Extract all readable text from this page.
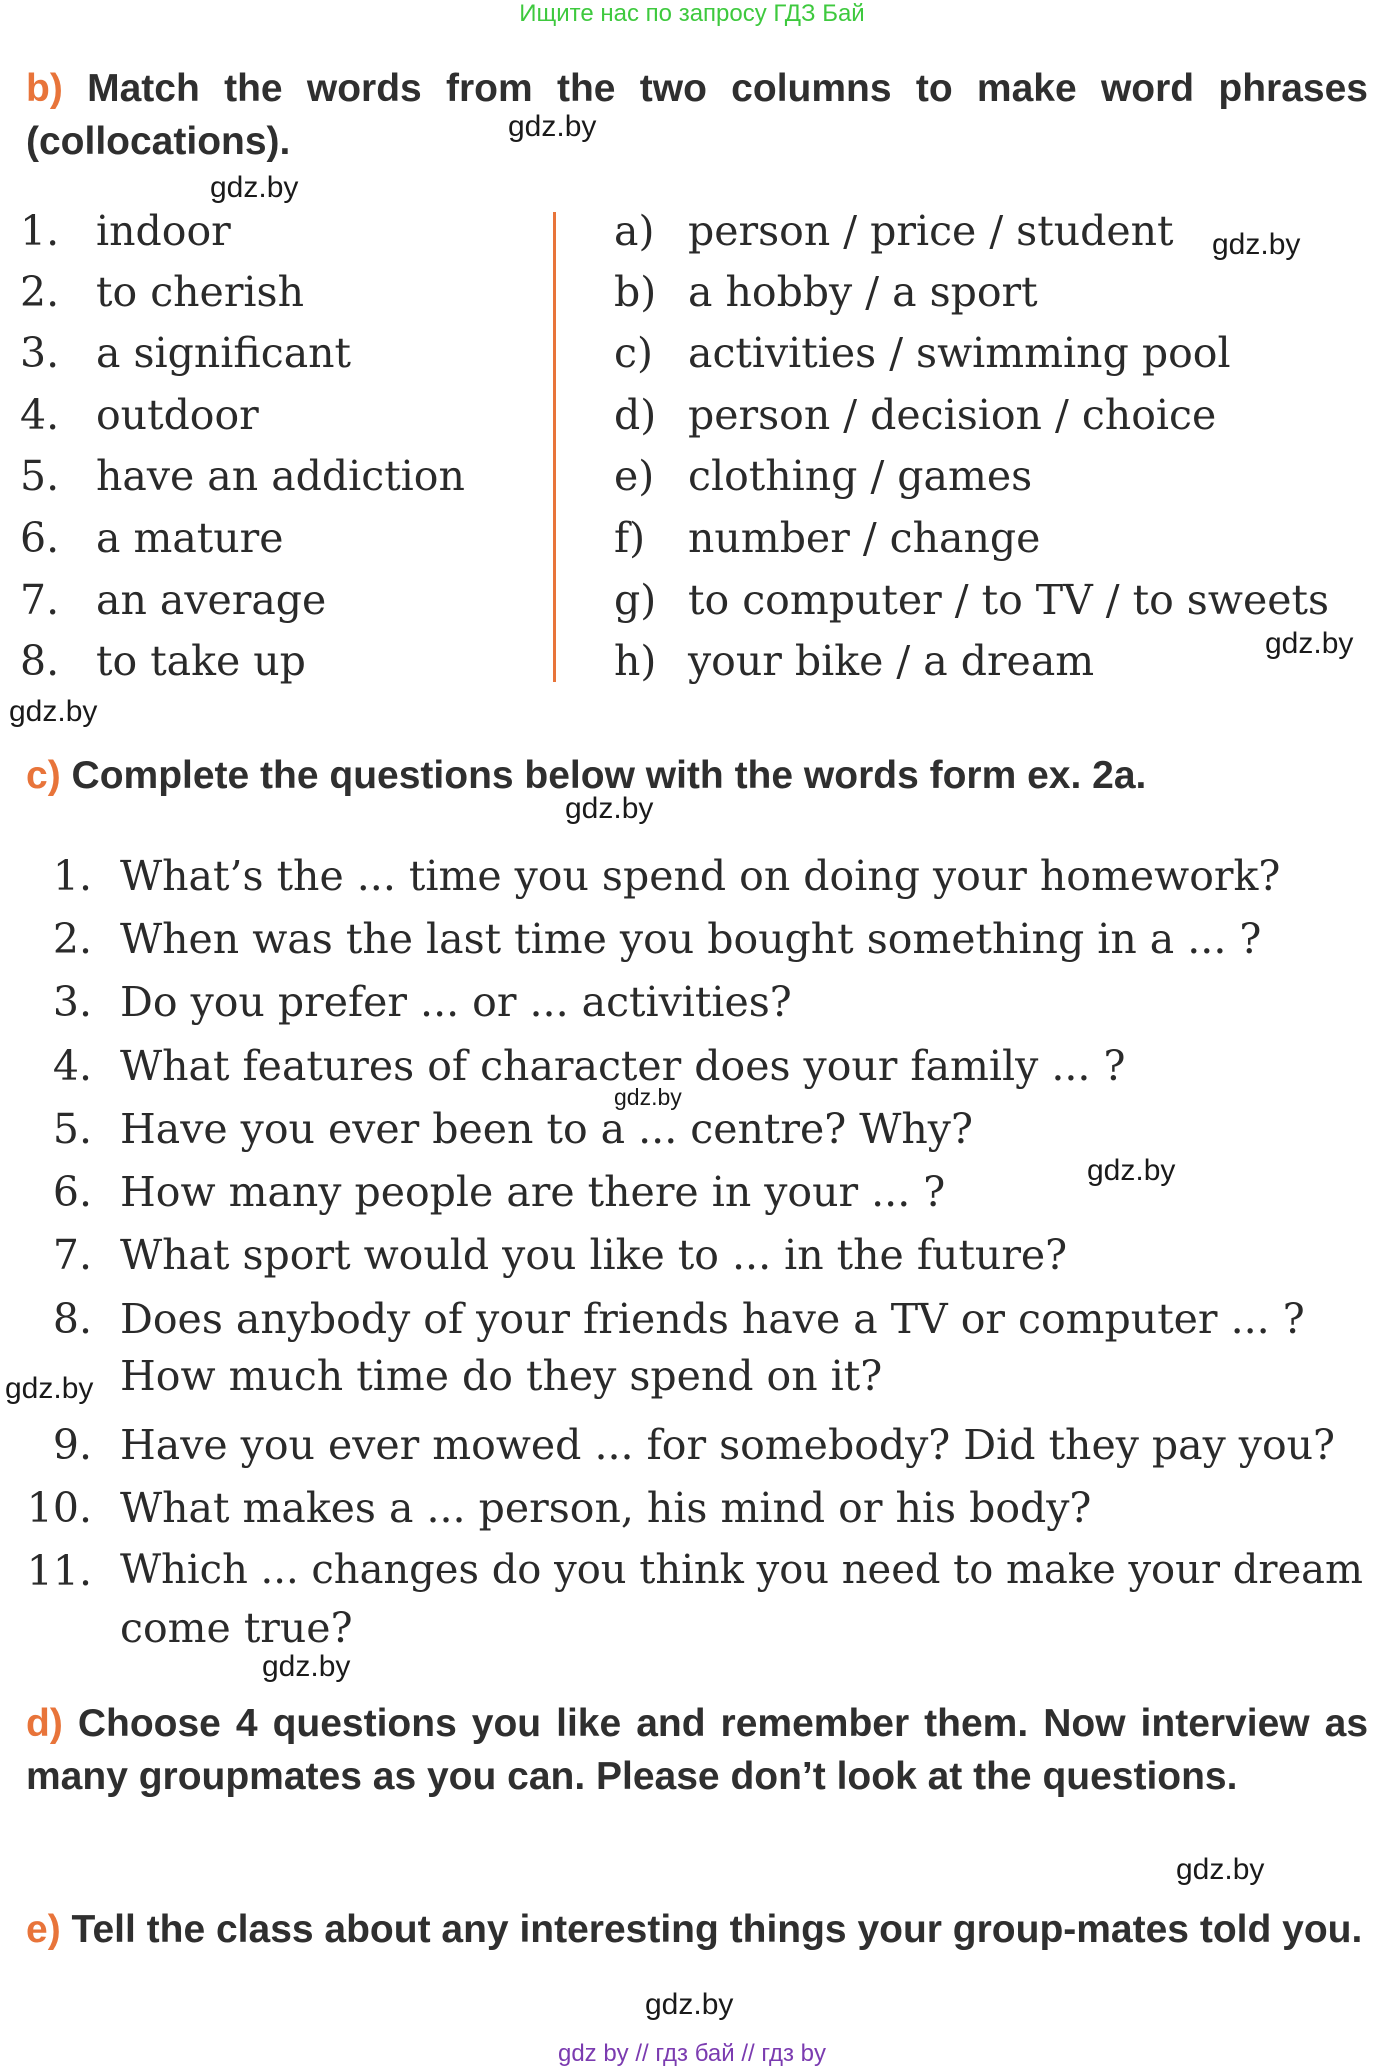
Ищите нас по запросу ГДЗ Бай
b) Match the words from the two columns to make word phrases (collocations).
1. indoor
2. to cherish
3. a significant
4. outdoor
5. have an addiction
6. a mature
7. an average
8. to take up
a) person / price / student
b) a hobby / a sport
c) activities / swimming pool
d) person / decision / choice
e) clothing / games
f)	number / change
g) to computer / to TV / to sweets
h) your bike / a dream
c) Complete the questions below with the words form ex. 2a.
1. What’s the ... time you spend on doing your homework?
2. When was the last time you bought something in a ... ?
3. Do you prefer ... or ... activities?
4. What features of character does your family ... ?
5. Have you ever been to a ... centre? Why?
6. How many people are there in your ... ?
7. What sport would you like to ... in the future?
8. Does anybody of your friends have a TV or computer ... ?
How much time do they spend on it?
9. Have you ever mowed ... for somebody? Did they pay you?
10. What makes a ... person, his mind or his body?
11. Which ... changes do you think you need to make your dream
come true?
d) Choose 4 questions you like and remember them. Now interview as many groupmates as you can. Please don’t look at the questions.
e) Tell the class about any interesting things your group-mates told you.
gdz.by
gdz.by
gdz.by
gdz.by
gdz.by
gdz.by
gdz.by
gdz.by
gdz.by
gdz.by
gdz.by
gdz.by
gdz by // гдз бай // гдз by
